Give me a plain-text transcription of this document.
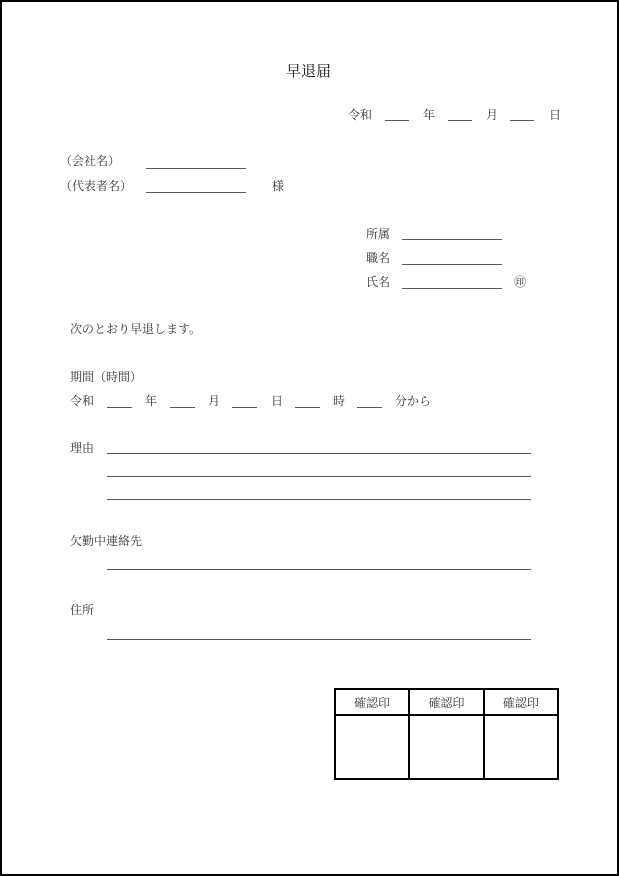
早退届
令和	年	月	日
（会社名）
（代表者名）	様
所属
職名
氏名	㊞
次のとおり早退します。
期間（時間）
令和	年	月	日	時	分から
理由
欠勤中連絡先
住所
確認印	確認印	確認印
